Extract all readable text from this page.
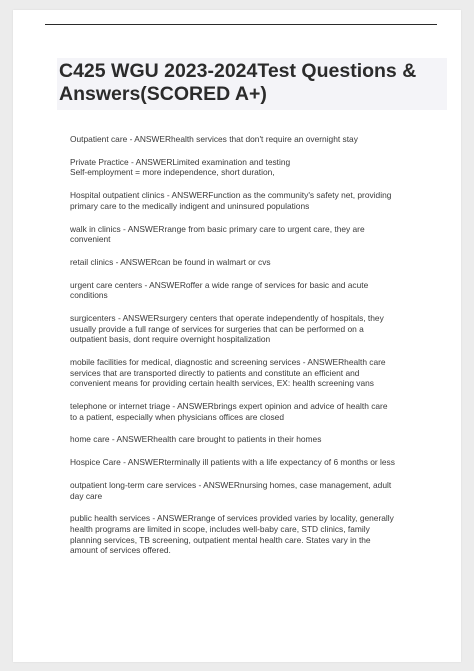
C425 WGU 2023-2024Test Questions &
Answers(SCORED A+)
Outpatient care - ANSWERhealth services that don't require an overnight stay
Private Practice - ANSWERLimited examination and testing
Self-employment = more independence, short duration,
Hospital outpatient clinics - ANSWERFunction as the community's safety net, providing
primary care to the medically indigent and uninsured populations
walk in clinics - ANSWERrange from basic primary care to urgent care, they are
convenient
retail clinics - ANSWERcan be found in walmart or cvs
urgent care centers - ANSWERoffer a wide range of services for basic and acute
conditions
surgicenters - ANSWERsurgery centers that operate independently of hospitals, they
usually provide a full range of services for surgeries that can be performed on a
outpatient basis, dont require overnight hospitalization
mobile facilities for medical, diagnostic and screening services - ANSWERhealth care
services that are transported directly to patients and constitute an efficient and
convenient means for providing certain health services, EX: health screening vans
telephone or internet triage - ANSWERbrings expert opinion and advice of health care
to a patient, especially when physicians offices are closed
home care - ANSWERhealth care brought to patients in their homes
Hospice Care - ANSWERterminally ill patients with a life expectancy of 6 months or less
outpatient long-term care services - ANSWERnursing homes, case management, adult
day care
public health services - ANSWERrange of services provided varies by locality, generally
health programs are limited in scope, includes well-baby care, STD clinics, family
planning services, TB screening, outpatient mental health care. States vary in the
amount of services offered.
